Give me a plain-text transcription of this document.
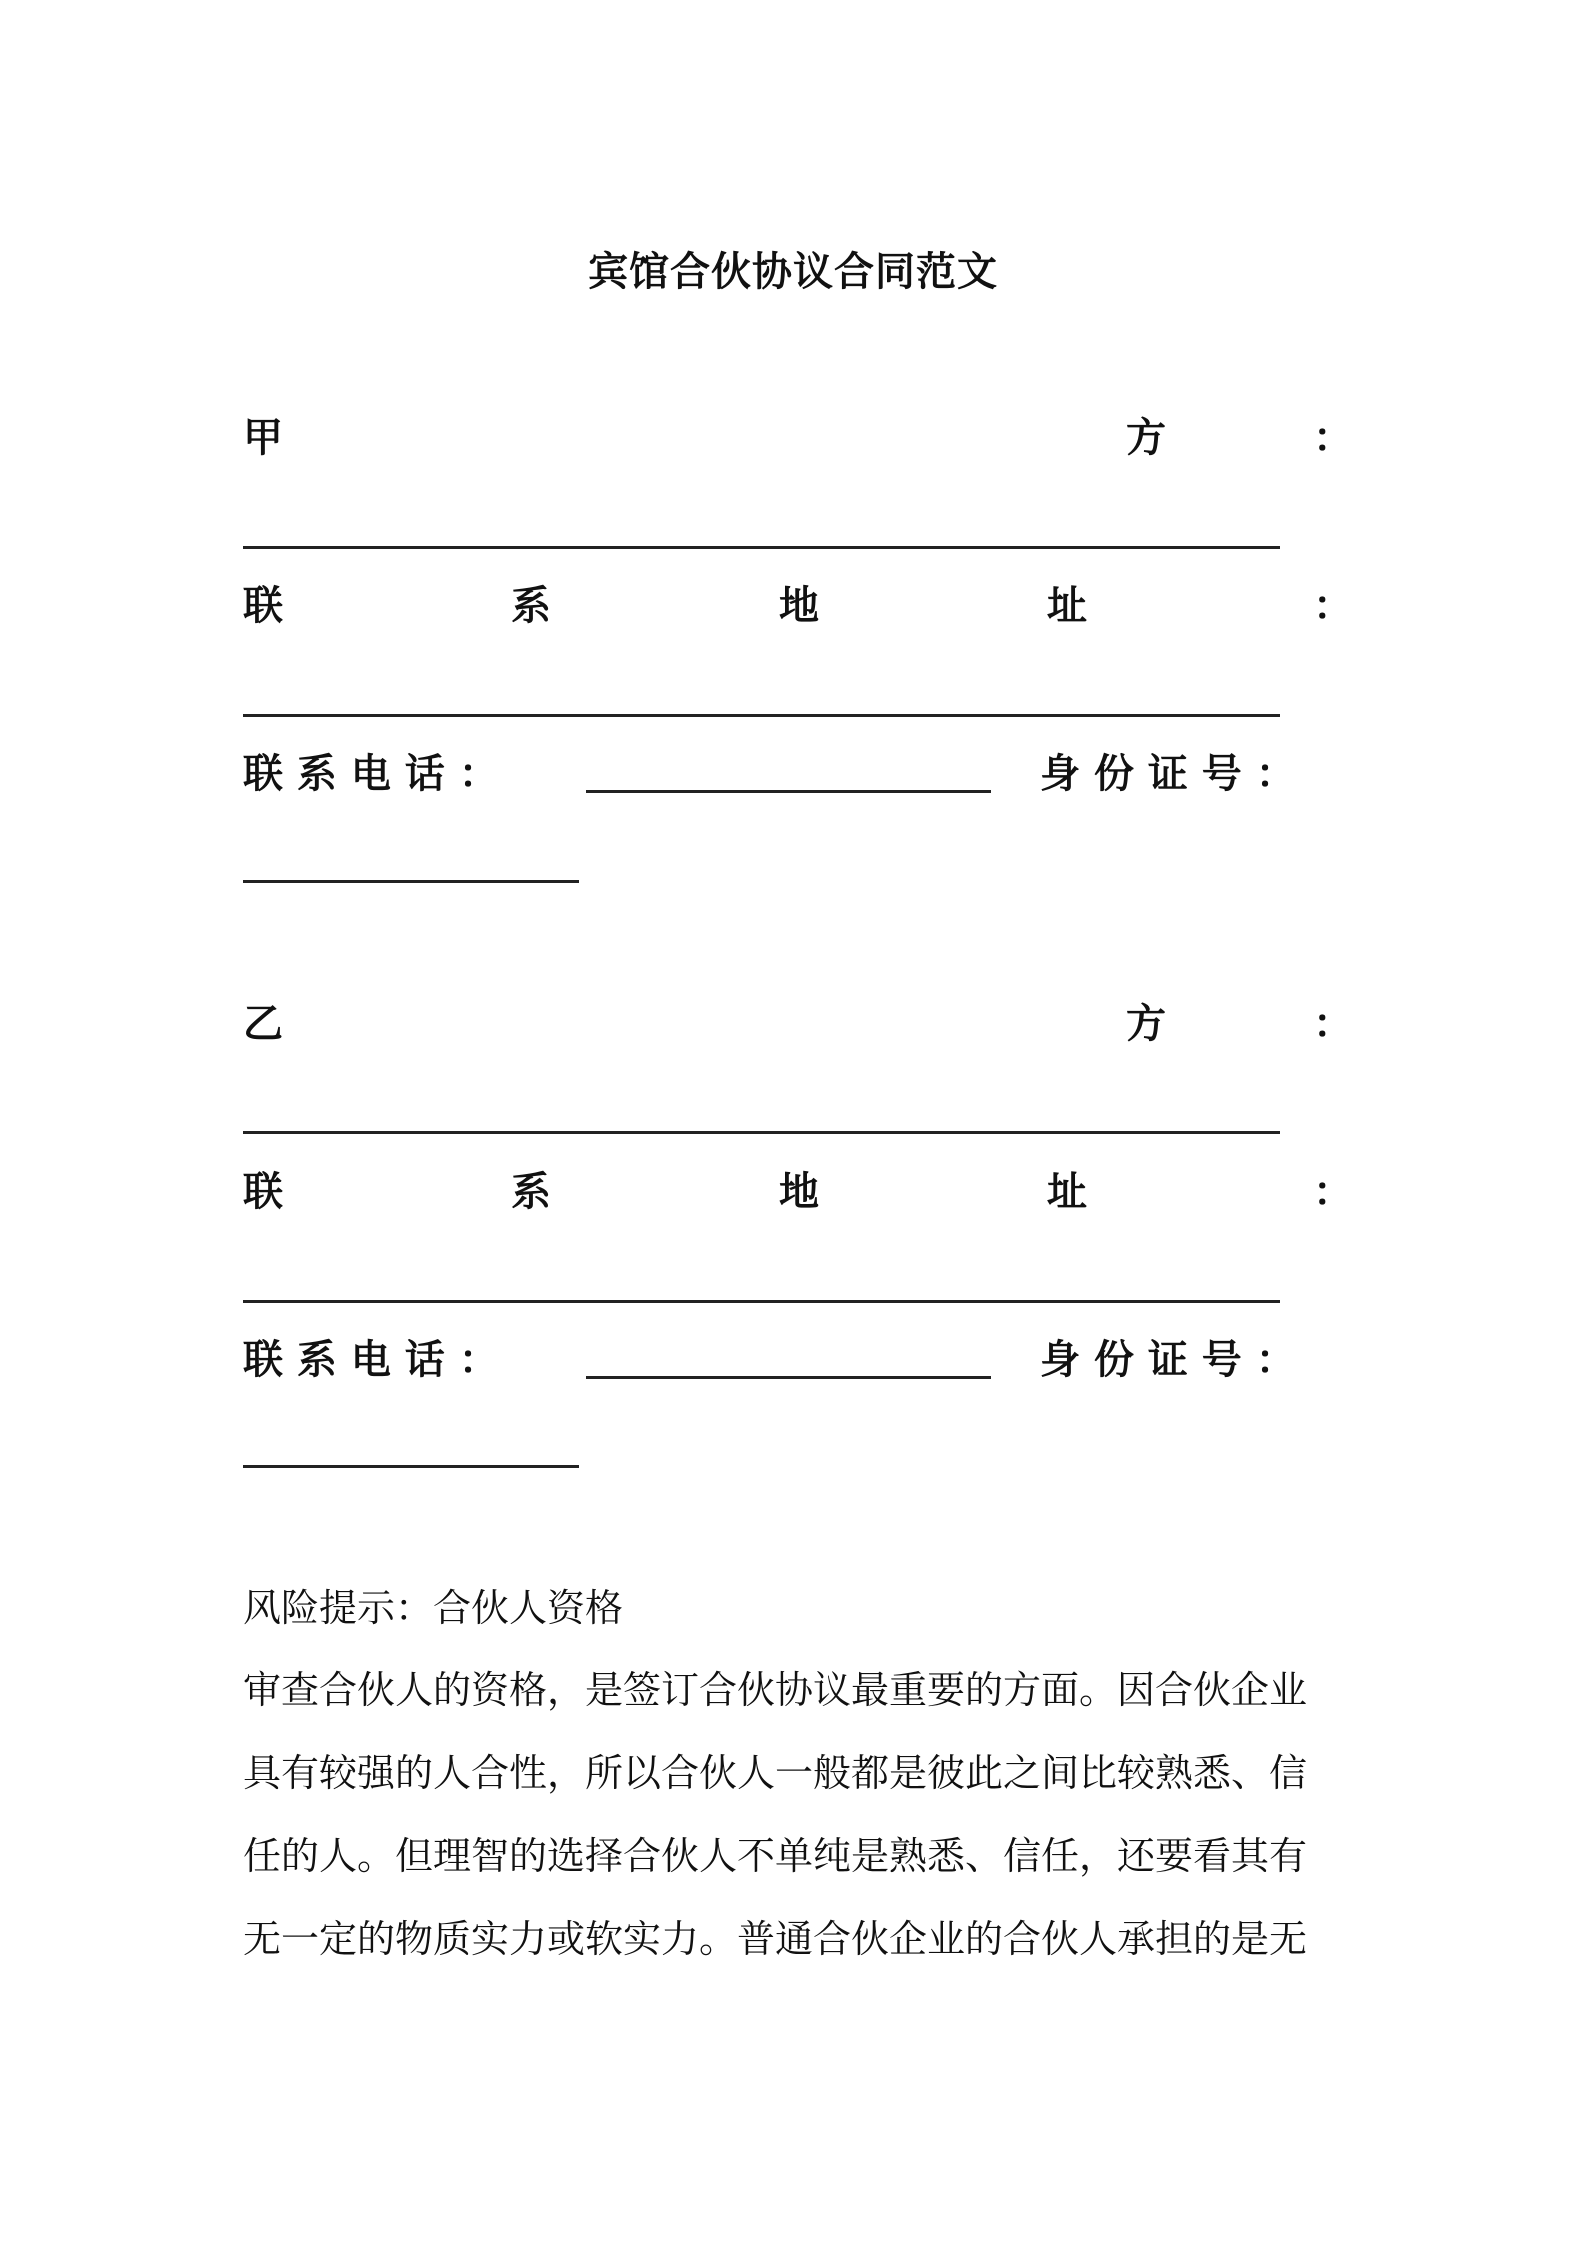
宾馆合伙协议合同范文
甲	方	：
联	系	地	址	：
联 系 电 话 ：	身 份 证 号 ：
乙	方	：
联	系	地	址	：
联 系 电 话 ：	身 份 证 号 ：
风险提示：合伙人资格
审查合伙人的资格，是签订合伙协议最重要的方面。因合伙企业
具有较强的人合性，所以合伙人一般都是彼此之间比较熟悉、信
任的人。但理智的选择合伙人不单纯是熟悉、信任，还要看其有
无一定的物质实力或软实力。普通合伙企业的合伙人承担的是无
